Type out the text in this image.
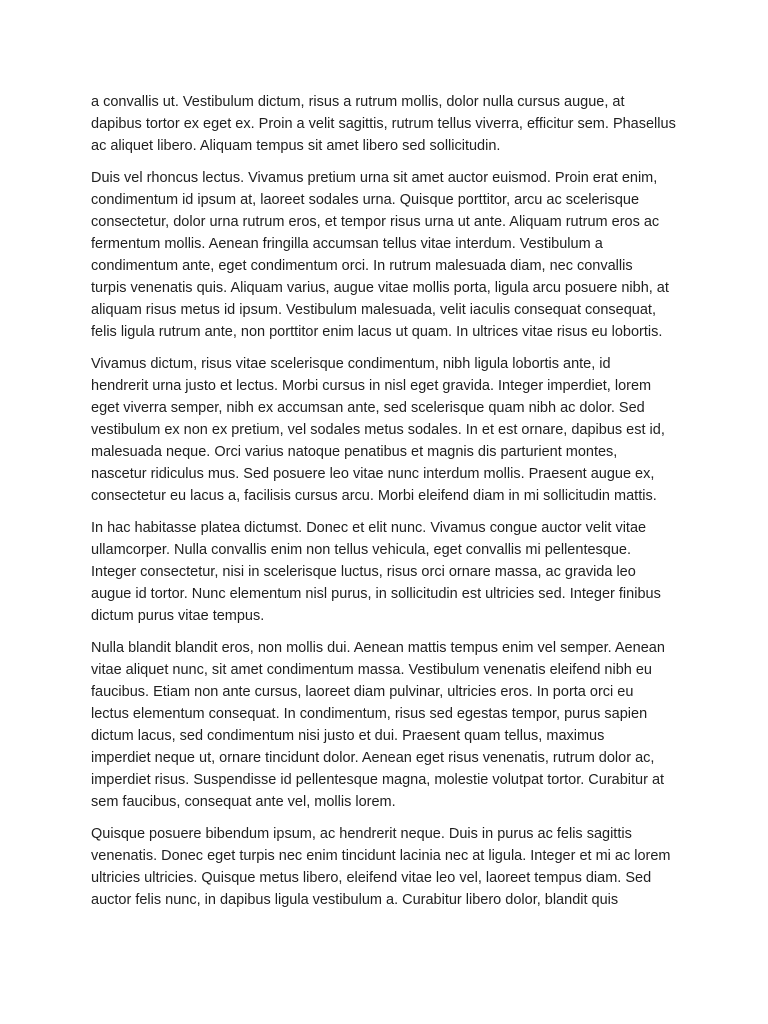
a convallis ut. Vestibulum dictum, risus a rutrum mollis, dolor nulla cursus augue, at
dapibus tortor ex eget ex. Proin a velit sagittis, rutrum tellus viverra, efficitur sem. Phasellus
ac aliquet libero. Aliquam tempus sit amet libero sed sollicitudin.

Duis vel rhoncus lectus. Vivamus pretium urna sit amet auctor euismod. Proin erat enim,
condimentum id ipsum at, laoreet sodales urna. Quisque porttitor, arcu ac scelerisque
consectetur, dolor urna rutrum eros, et tempor risus urna ut ante. Aliquam rutrum eros ac
fermentum mollis. Aenean fringilla accumsan tellus vitae interdum. Vestibulum a
condimentum ante, eget condimentum orci. In rutrum malesuada diam, nec convallis
turpis venenatis quis. Aliquam varius, augue vitae mollis porta, ligula arcu posuere nibh, at
aliquam risus metus id ipsum. Vestibulum malesuada, velit iaculis consequat consequat,
felis ligula rutrum ante, non porttitor enim lacus ut quam. In ultrices vitae risus eu lobortis.

Vivamus dictum, risus vitae scelerisque condimentum, nibh ligula lobortis ante, id
hendrerit urna justo et lectus. Morbi cursus in nisl eget gravida. Integer imperdiet, lorem
eget viverra semper, nibh ex accumsan ante, sed scelerisque quam nibh ac dolor. Sed
vestibulum ex non ex pretium, vel sodales metus sodales. In et est ornare, dapibus est id,
malesuada neque. Orci varius natoque penatibus et magnis dis parturient montes,
nascetur ridiculus mus. Sed posuere leo vitae nunc interdum mollis. Praesent augue ex,
consectetur eu lacus a, facilisis cursus arcu. Morbi eleifend diam in mi sollicitudin mattis.

In hac habitasse platea dictumst. Donec et elit nunc. Vivamus congue auctor velit vitae
ullamcorper. Nulla convallis enim non tellus vehicula, eget convallis mi pellentesque.
Integer consectetur, nisi in scelerisque luctus, risus orci ornare massa, ac gravida leo
augue id tortor. Nunc elementum nisl purus, in sollicitudin est ultricies sed. Integer finibus
dictum purus vitae tempus.

Nulla blandit blandit eros, non mollis dui. Aenean mattis tempus enim vel semper. Aenean
vitae aliquet nunc, sit amet condimentum massa. Vestibulum venenatis eleifend nibh eu
faucibus. Etiam non ante cursus, laoreet diam pulvinar, ultricies eros. In porta orci eu
lectus elementum consequat. In condimentum, risus sed egestas tempor, purus sapien
dictum lacus, sed condimentum nisi justo et dui. Praesent quam tellus, maximus
imperdiet neque ut, ornare tincidunt dolor. Aenean eget risus venenatis, rutrum dolor ac,
imperdiet risus. Suspendisse id pellentesque magna, molestie volutpat tortor. Curabitur at
sem faucibus, consequat ante vel, mollis lorem.

Quisque posuere bibendum ipsum, ac hendrerit neque. Duis in purus ac felis sagittis
venenatis. Donec eget turpis nec enim tincidunt lacinia nec at ligula. Integer et mi ac lorem
ultricies ultricies. Quisque metus libero, eleifend vitae leo vel, laoreet tempus diam. Sed
auctor felis nunc, in dapibus ligula vestibulum a. Curabitur libero dolor, blandit quis
